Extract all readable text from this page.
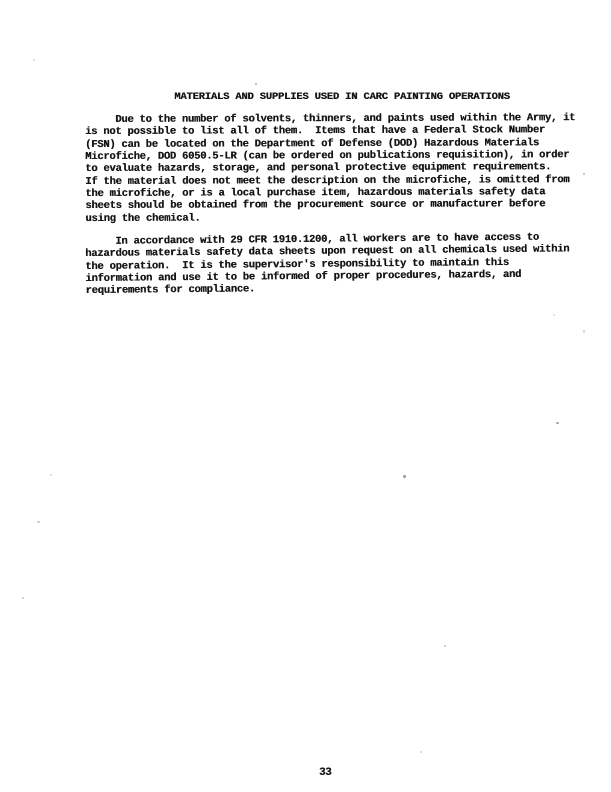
MATERIALS AND SUPPLIES USED IN CARC PAINTING OPERATIONS
Due to the number of solvents, thinners, and paints used within the Army, it
is not possible to list all of them.  Items that have a Federal Stock Number
(FSN) can be located on the Department of Defense (DOD) Hazardous Materials
Microfiche, DOD 6050.5-LR (can be ordered on publications requisition), in order
to evaluate hazards, storage, and personal protective equipment requirements.
If the material does not meet the description on the microfiche, is omitted from
the microfiche, or is a local purchase item, hazardous materials safety data
sheets should be obtained from the procurement source or manufacturer before
using the chemical.
In accordance with 29 CFR 1910.1200, all workers are to have access to
hazardous materials safety data sheets upon request on all chemicals used within
the operation.  It is the supervisor's responsibility to maintain this
information and use it to be informed of proper procedures, hazards, and
requirements for compliance.
33
